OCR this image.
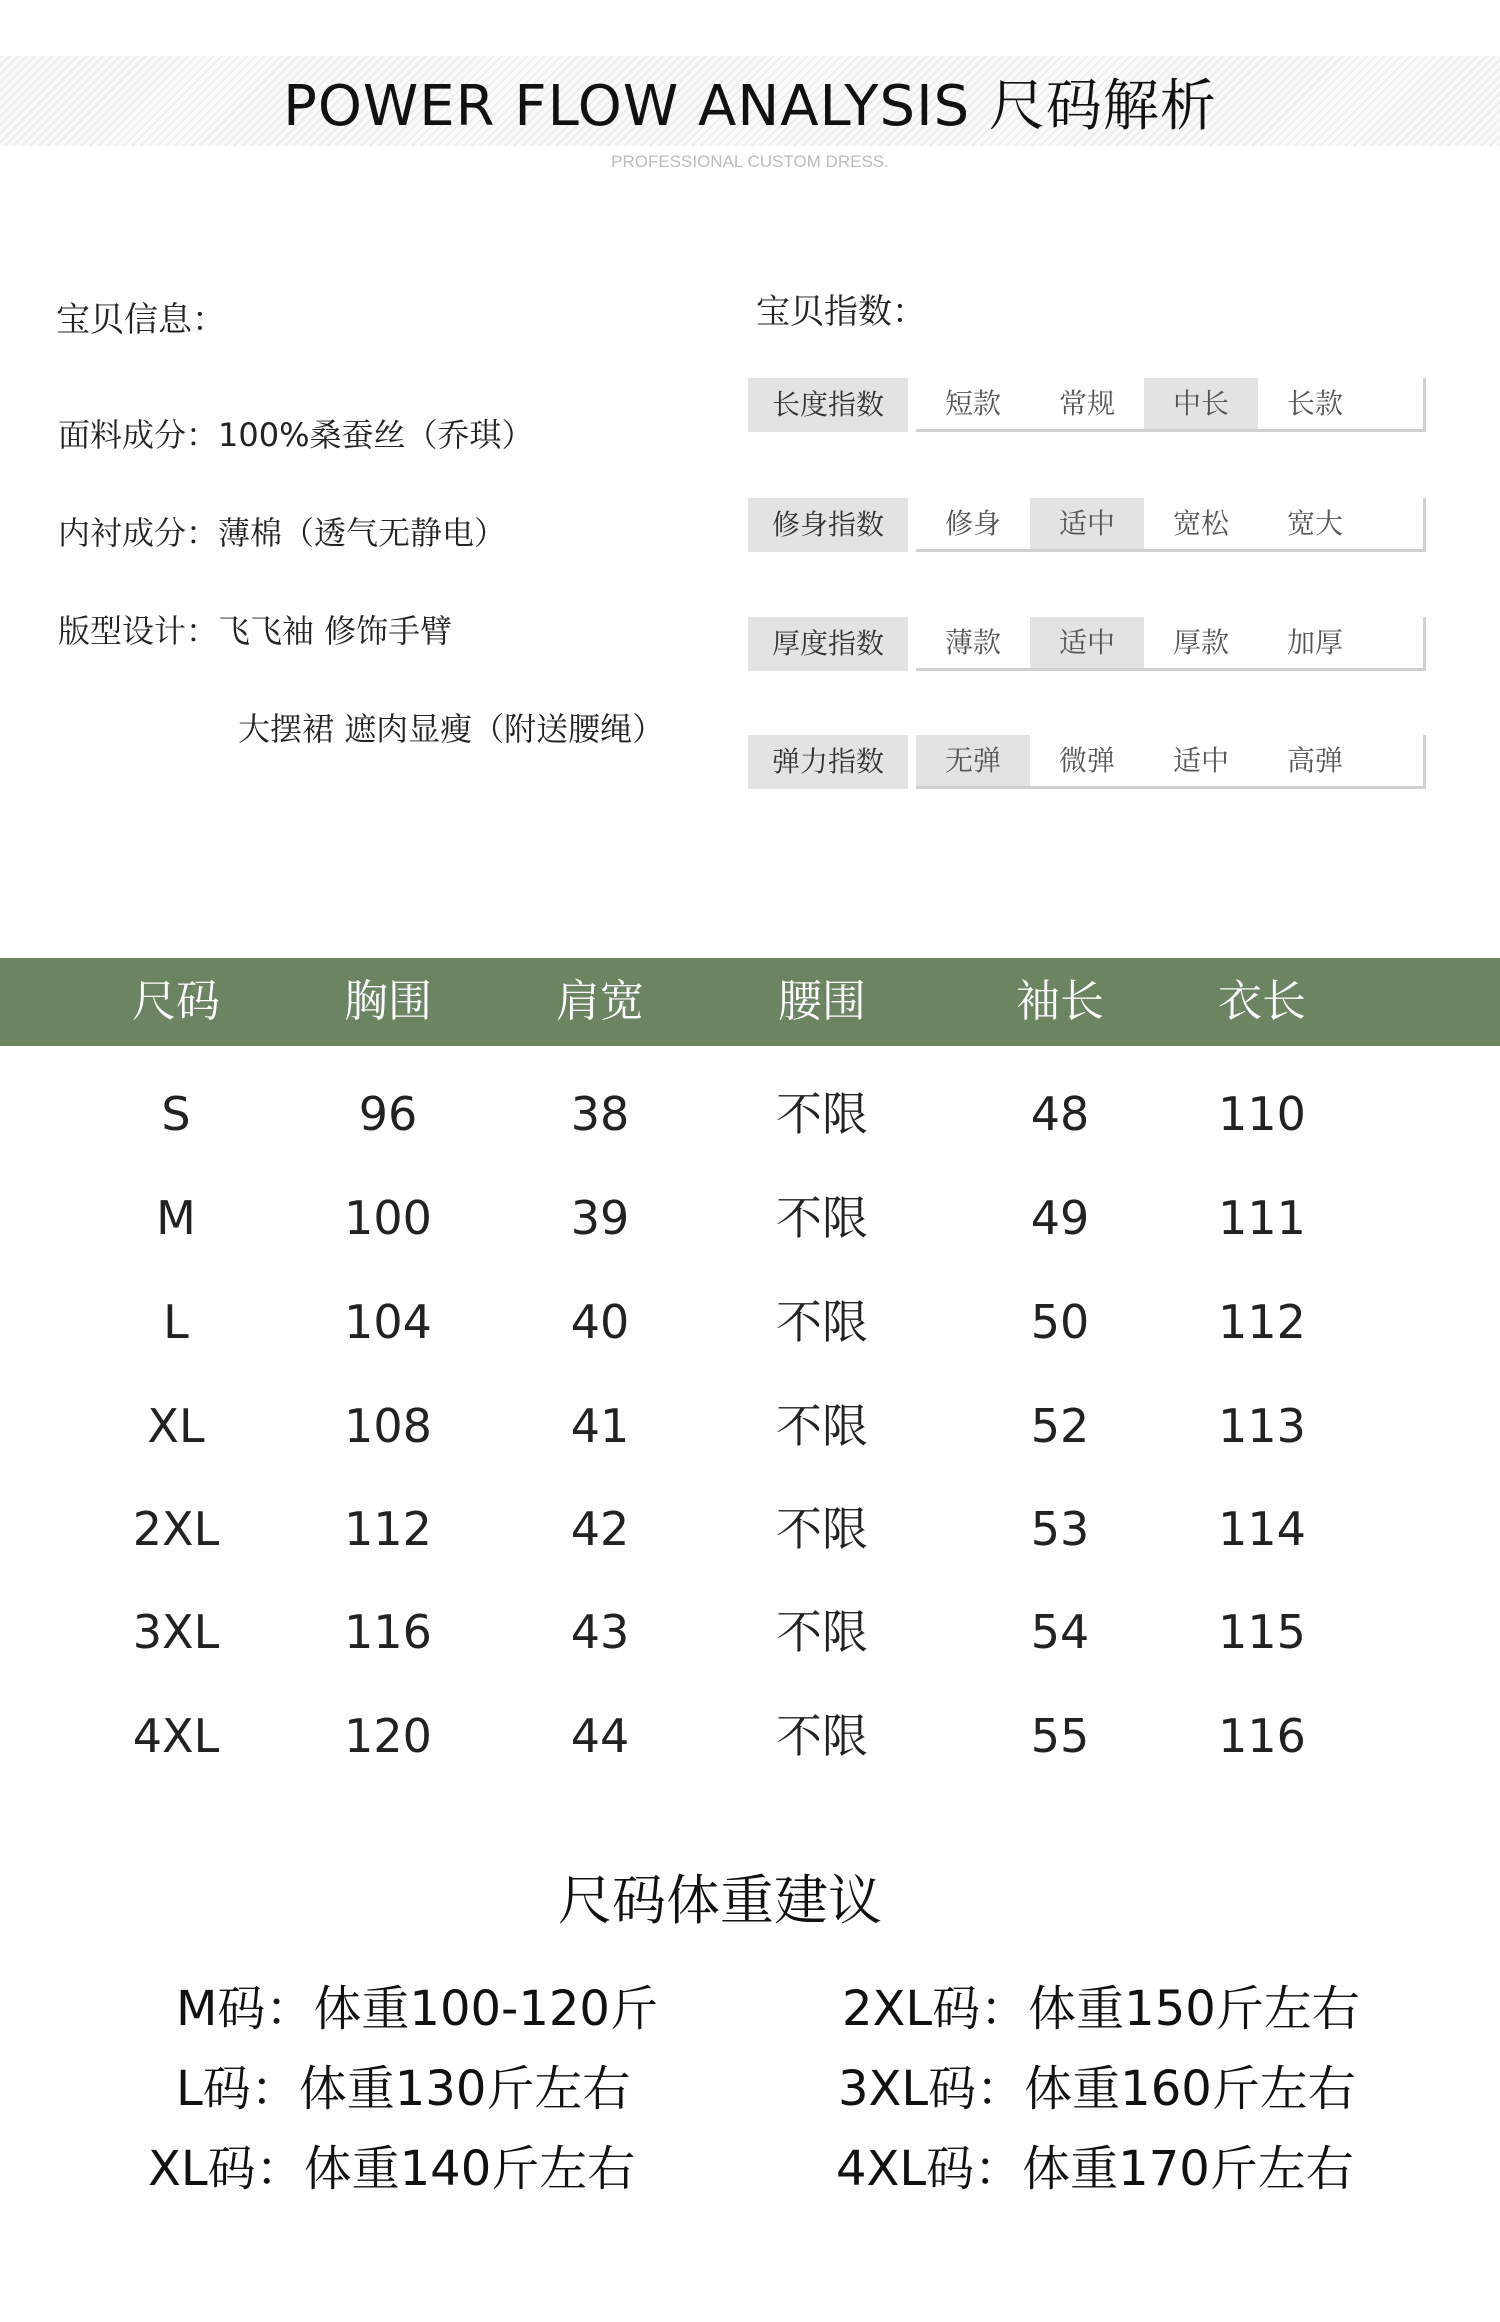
POWER FLOW ANALYSIS 尺码解析
PROFESSIONAL CUSTOM DRESS.
宝贝信息：
面料成分：100%桑蚕丝（乔琪）
内衬成分：薄棉（透气无静电）
版型设计：飞飞袖 修饰手臂
大摆裙 遮肉显瘦（附送腰绳）
宝贝指数：
长度指数	短款	常规	中长	长款
修身指数	修身	适中	宽松	宽大
厚度指数	薄款	适中	厚款	加厚
弹力指数	无弹	微弹	适中	高弹
尺码	胸围	肩宽	腰围	袖长	衣长
S	96	38	不限	48	110
M	100	39	不限	49	111
L	104	40	不限	50	112
XL	108	41	不限	52	113
2XL	112	42	不限	53	114
3XL	116	43	不限	54	115
4XL	120	44	不限	55	116
尺码体重建议
M码：体重100-120斤
L码：体重130斤左右
XL码：体重140斤左右
2XL码：体重150斤左右
3XL码：体重160斤左右
4XL码：体重170斤左右
